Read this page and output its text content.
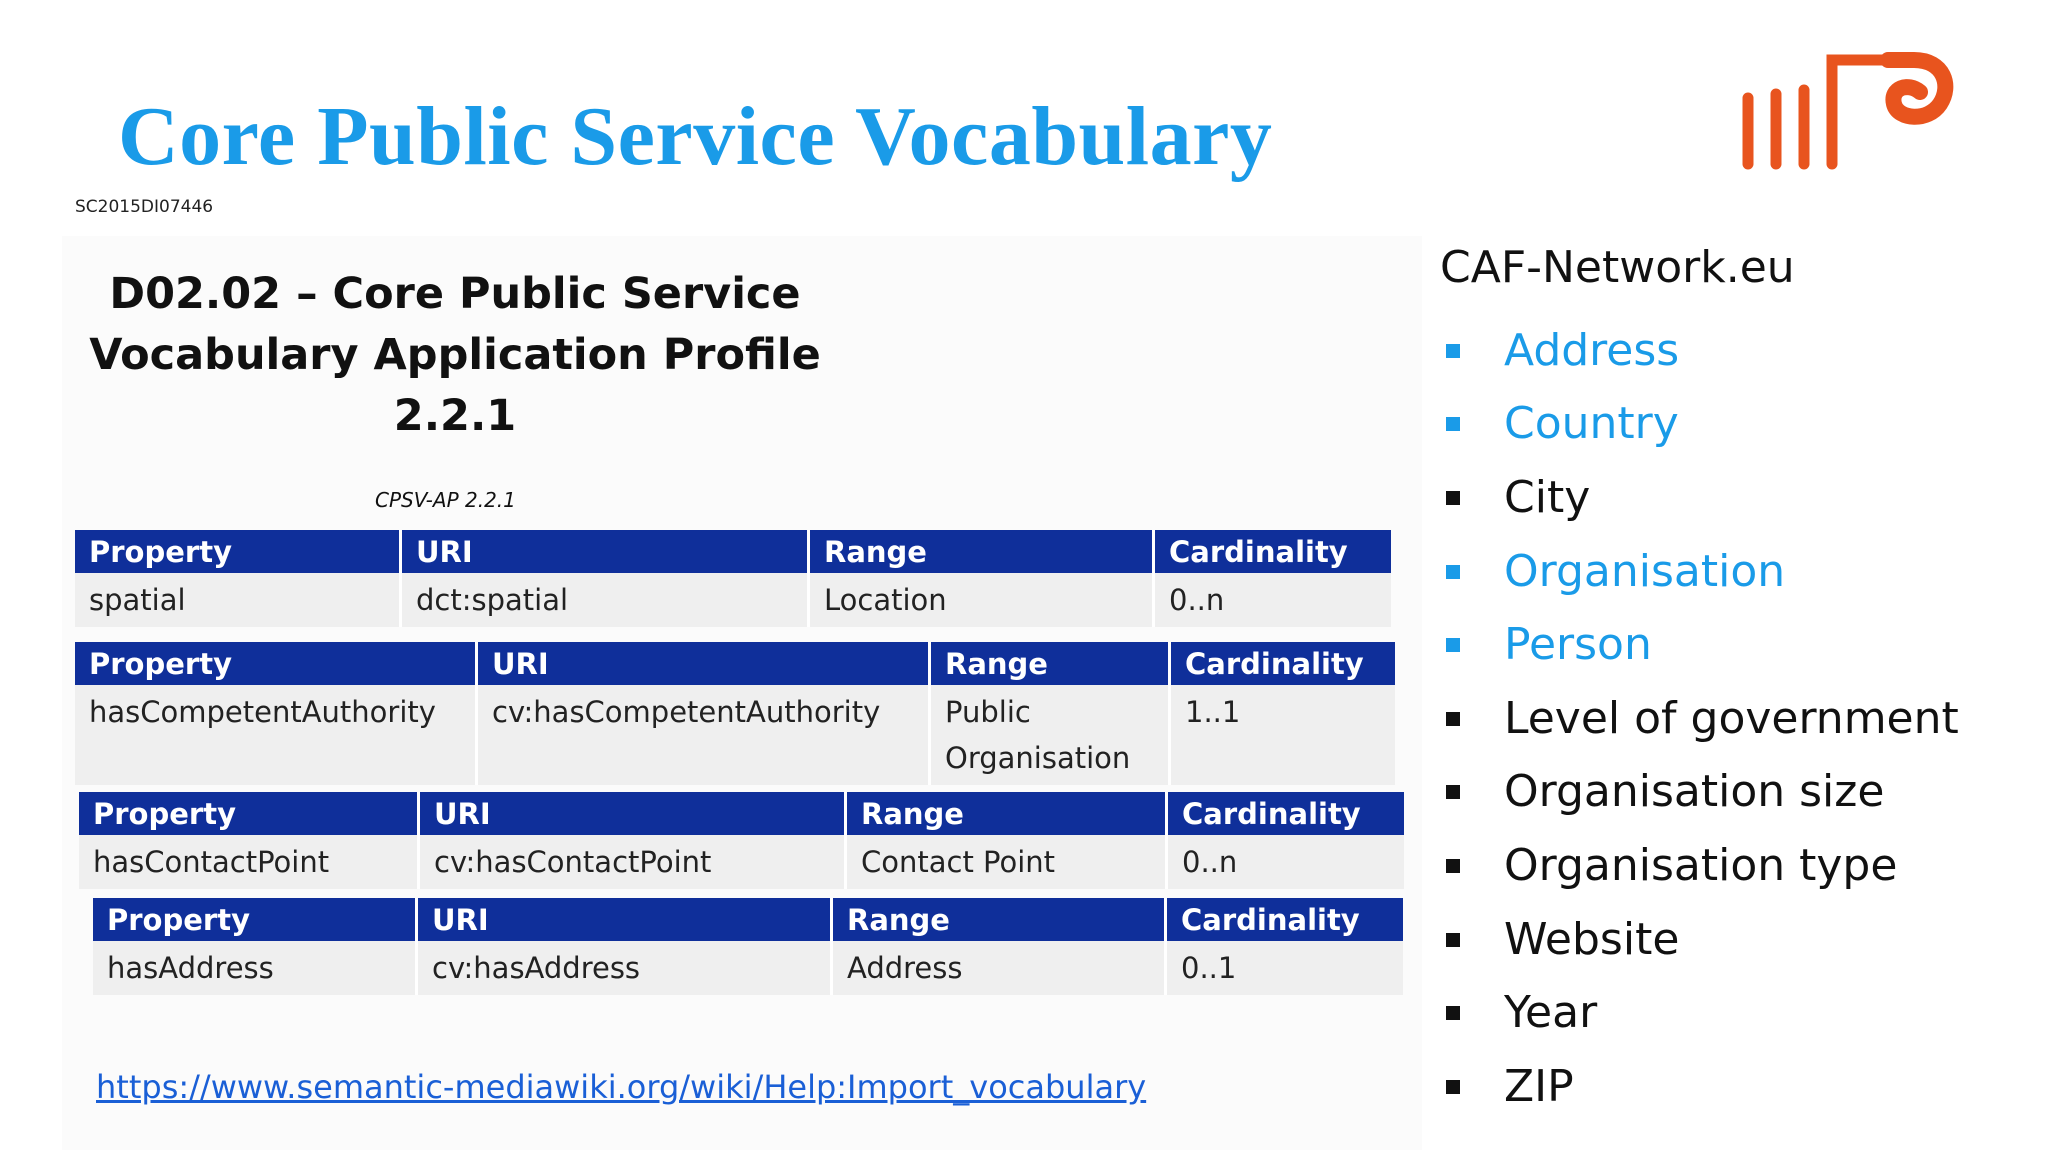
Core Public Service Vocabulary
SC2015DI07446
D02.02 – Core Public Service
Vocabulary Application Profile
2.2.1
CPSV-AP 2.2.1
Property	URI	Range	Cardinality
spatial	dct:spatial	Location	0..n
Property	URI	Range	Cardinality
hasCompetentAuthority	cv:hasCompetentAuthority	Public Organisation	1..1
Property	URI	Range	Cardinality
hasContactPoint	cv:hasContactPoint	Contact Point	0..n
Property	URI	Range	Cardinality
hasAddress	cv:hasAddress	Address	0..1
https://www.semantic-mediawiki.org/wiki/Help:Import_vocabulary
CAF-Network.eu
Address
Country
City
Organisation
Person
Level of government
Organisation size
Organisation type
Website
Year
ZIP
